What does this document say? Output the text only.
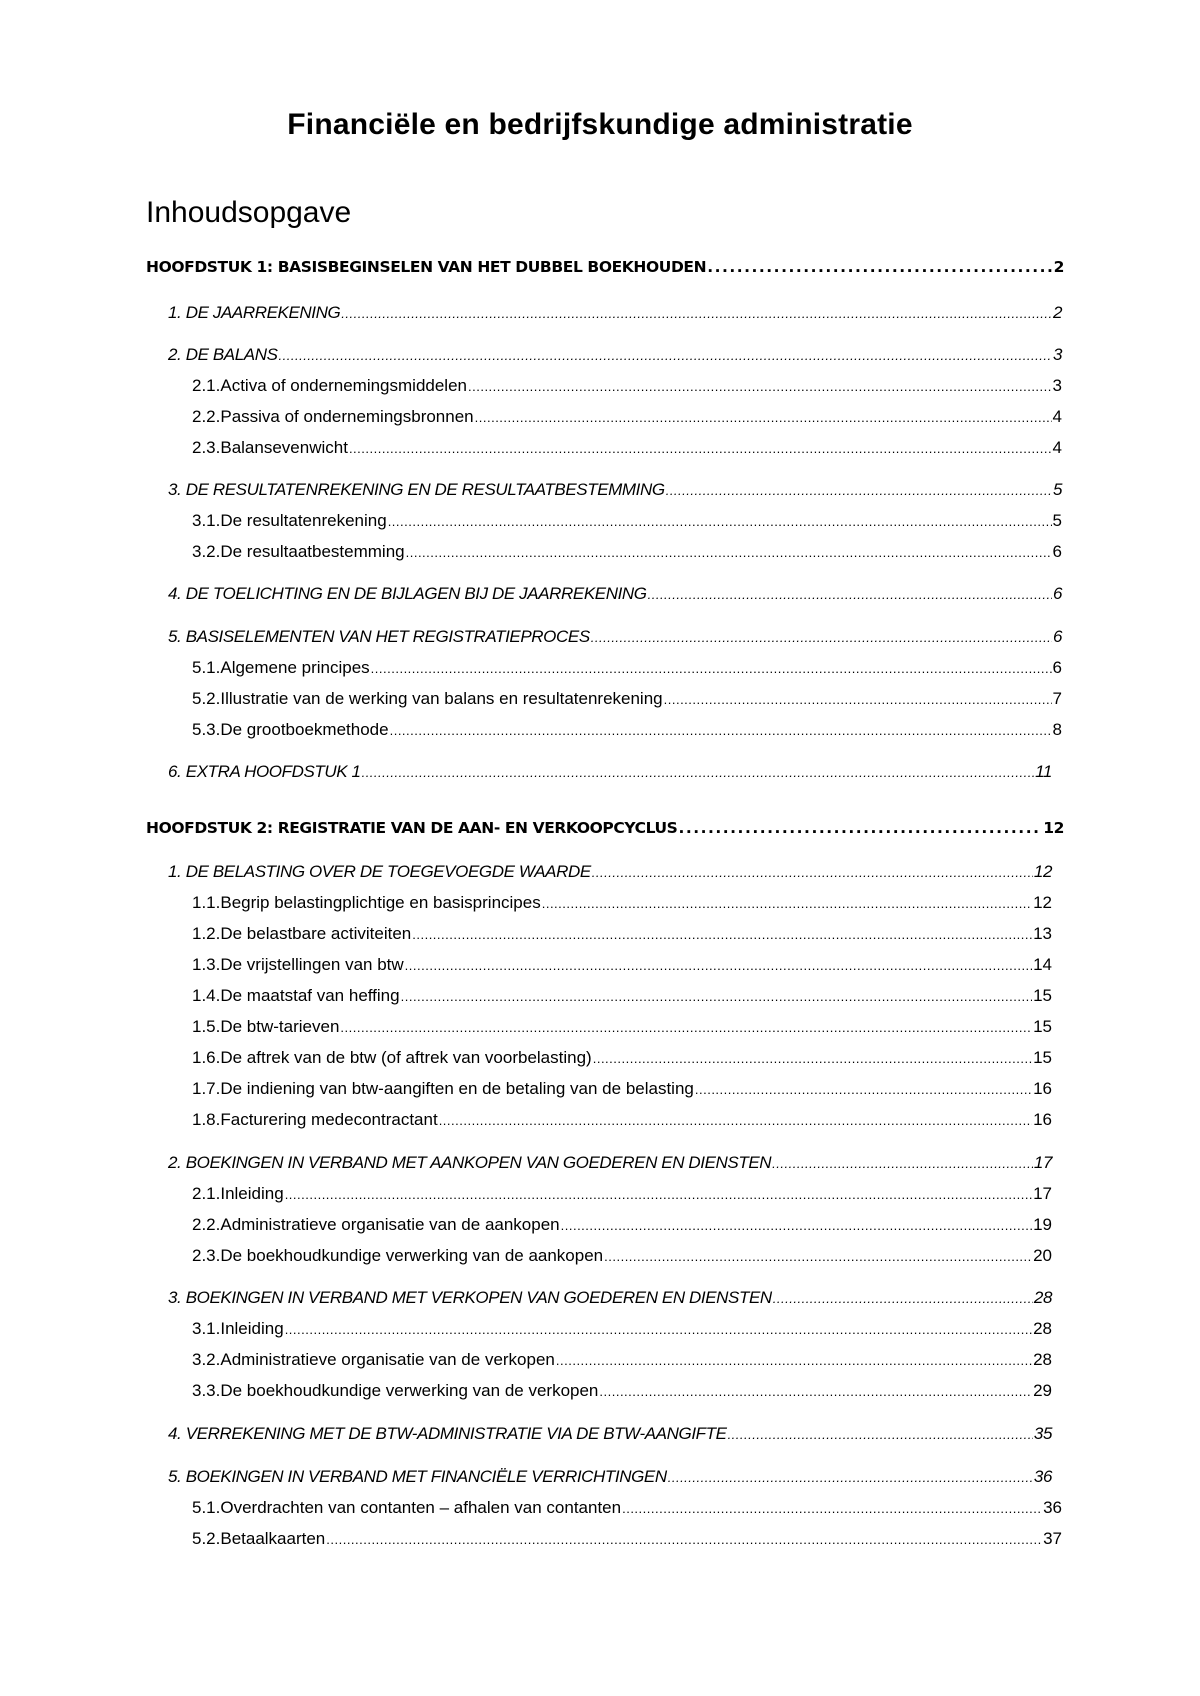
Financiële en bedrijfskundige administratie
Inhoudsopgave
HOOFDSTUK 1: BASISBEGINSELEN VAN HET DUBBEL BOEKHOUDEN .....	2
1. DE JAARREKENING .....	2
2. DE BALANS .....	3
2.1.Activa of ondernemingsmiddelen .....	3
2.2.Passiva of ondernemingsbronnen .....	4
2.3.Balansevenwicht .....	4
3. DE RESULTATENREKENING EN DE RESULTAATBESTEMMING .....	5
3.1.De resultatenrekening .....	5
3.2.De resultaatbestemming .....	6
4. DE TOELICHTING EN DE BIJLAGEN BIJ DE JAARREKENING .....	6
5. BASISELEMENTEN VAN HET REGISTRATIEPROCES .....	6
5.1.Algemene principes .....	6
5.2.Illustratie van de werking van balans en resultatenrekening .....	7
5.3.De grootboekmethode .....	8
6. EXTRA HOOFDSTUK 1 .....	11
HOOFDSTUK 2: REGISTRATIE VAN DE AAN- EN VERKOOPCYCLUS .....	12
1. DE BELASTING OVER DE TOEGEVOEGDE WAARDE .....	12
1.1.Begrip belastingplichtige en basisprincipes .....	12
1.2.De belastbare activiteiten .....	13
1.3.De vrijstellingen van btw .....	14
1.4.De maatstaf van heffing .....	15
1.5.De btw-tarieven .....	15
1.6.De aftrek van de btw (of aftrek van voorbelasting) .....	15
1.7.De indiening van btw-aangiften en de betaling van de belasting .....	16
1.8.Facturering medecontractant .....	16
2. BOEKINGEN IN VERBAND MET AANKOPEN VAN GOEDEREN EN DIENSTEN .....	17
2.1.Inleiding .....	17
2.2.Administratieve organisatie van de aankopen .....	19
2.3.De boekhoudkundige verwerking van de aankopen .....	20
3. BOEKINGEN IN VERBAND MET VERKOPEN VAN GOEDEREN EN DIENSTEN .....	28
3.1.Inleiding .....	28
3.2.Administratieve organisatie van de verkopen .....	28
3.3.De boekhoudkundige verwerking van de verkopen .....	29
4. VERREKENING MET DE BTW-ADMINISTRATIE VIA DE BTW-AANGIFTE .....	35
5. BOEKINGEN IN VERBAND MET FINANCIËLE VERRICHTINGEN .....	36
5.1.Overdrachten van contanten – afhalen van contanten .....	36
5.2.Betaalkaarten .....	37
